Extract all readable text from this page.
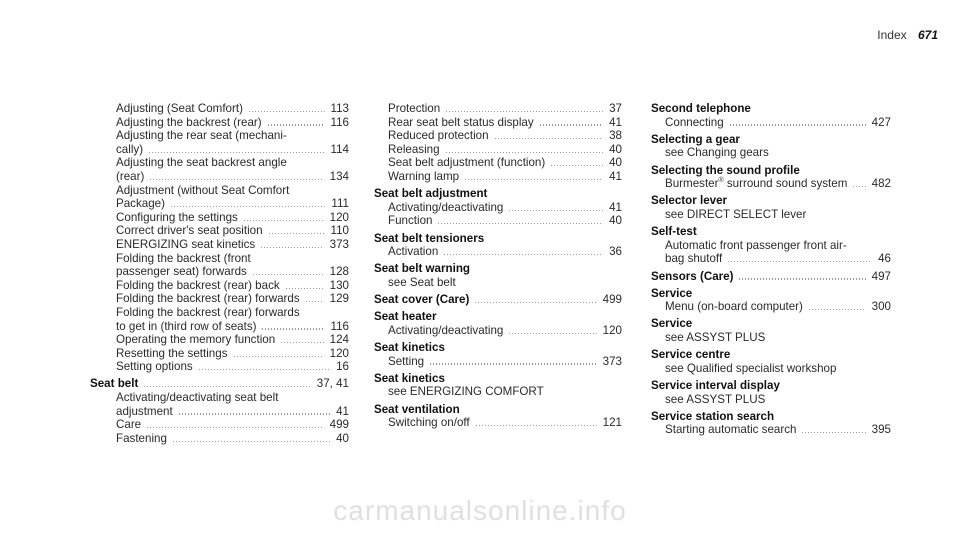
Index 671
Adjusting (Seat Comfort)	113
Adjusting the backrest (rear)	116
Adjusting the rear seat (mechani-
cally)	114
Adjusting the seat backrest angle
(rear)	134
Adjustment (without Seat Comfort
Package)	111
Configuring the settings	120
Correct driver's seat position	110
ENERGIZING seat kinetics	373
Folding the backrest (front
passenger seat) forwards	128
Folding the backrest (rear) back	130
Folding the backrest (rear) forwards	129
Folding the backrest (rear) forwards
to get in (third row of seats)	116
Operating the memory function	124
Resetting the settings	120
Setting options	16
Seat belt	37, 41
Activating/deactivating seat belt
adjustment	41
Care	499
Fastening	40
Protection	37
Rear seat belt status display	41
Reduced protection	38
Releasing	40
Seat belt adjustment (function)	40
Warning lamp	41
Seat belt adjustment
Activating/deactivating	41
Function	40
Seat belt tensioners
Activation	36
Seat belt warning
see Seat belt
Seat cover (Care)	499
Seat heater
Activating/deactivating	120
Seat kinetics
Setting	373
Seat kinetics
see ENERGIZING COMFORT
Seat ventilation
Switching on/off	121
Second telephone
Connecting	427
Selecting a gear
see Changing gears
Selecting the sound profile
Burmester® surround sound system 482
Selector lever
see DIRECT SELECT lever
Self-test
Automatic front passenger front air-
bag shutoff	46
Sensors (Care)	497
Service
Menu (on-board computer)	300
Service
see ASSYST PLUS
Service centre
see Qualified specialist workshop
Service interval display
see ASSYST PLUS
Service station search
Starting automatic search	395
carmanualsonline.info
